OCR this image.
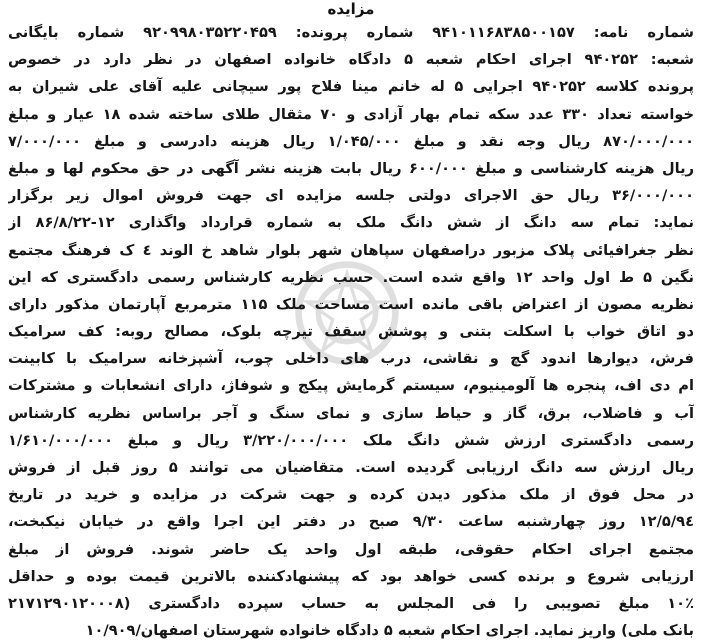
مزایده
شماره نامه: ۹۴۱۰۱۱۶۸۳۸۵۰۰۱۵۷ شماره پرونده: ۹۲۰۹۹۸۰۳۵۲۲۰۴۵۹ شماره بایگانی
شعبه: ۹۴۰۲۵۲ اجرای احکام شعبه ۵ دادگاه خانواده اصفهان در نظر دارد در خصوص
پرونده کلاسه ۹۴۰۲۵۲ اجرایی ۵ له خانم مینا فلاح پور سیچانی علیه آقای علی شیران به
خواسته تعداد ۳۳۰ عدد سکه تمام بهار آزادی و ۷۰ مثقال طلای ساخته شده ۱۸ عیار و مبلغ
۸۷۰/۰۰۰/۰۰۰ ریال وجه نقد و مبلغ ۱/۰۴۵/۰۰۰ ریال هزینه دادرسی و مبلغ ۷/۰۰۰/۰۰۰
ریال هزینه کارشناسی و مبلغ ۶۰۰/۰۰۰ ریال بابت هزینه نشر آگهی در حق محکوم لها و مبلغ
۳۶/۰۰۰/۰۰۰ ریال حق الاجرای دولتی جلسه مزایده ای جهت فروش اموال زیر برگزار
نماید: تمام سه دانگ از شش دانگ ملک به شماره قرارداد واگذاری ۱۲-۸۶/۸/۲۲ از
نظر جغرافیائی پلاک مزبور دراصفهان سپاهان شهر بلوار شاهد خ الوند ٤ ک فرهنگ مجتمع
نگین ۵ ط اول واحد ۱۲ واقع شده است. حسب نظریه کارشناس رسمی دادگستری که این
نظریه مصون از اعتراض باقی مانده است مساحت ملک ۱۱۵ مترمربع آپارتمان مذکور دارای
دو اتاق خواب با اسکلت بتنی و پوشش سقف تیرچه بلوک، مصالح روبه: کف سرامیک
فرش، دیوارها اندود گچ و نقاشی، درب های داخلی چوب، آشپزخانه سرامیک با کابینت
ام دی اف، پنجره ها آلومینیوم، سیستم گرمایش پیکج و شوفاژ، دارای انشعابات و مشترکات
آب و فاضلاب، برق، گاز و حیاط سازی و نمای سنگ و آجر براساس نظریه کارشناس
رسمی دادگستری ارزش شش دانگ ملک ۳/۲۲۰/۰۰۰/۰۰۰ ریال و مبلغ ۱/۶۱۰/۰۰۰/۰۰۰
ریال ارزش سه دانگ ارزیابی گردیده است. متقاضیان می توانند ۵ روز قبل از فروش
در محل فوق از ملک مذکور دیدن کرده و جهت شرکت در مزایده و خرید در تاریخ
۹٤/۱۲/۵ روز چهارشنبه ساعت ۹/۳۰ صبح در دفتر این اجرا واقع در خیابان نیکبخت،
مجتمع اجرای احکام حقوقی، طبقه اول واحد یک حاضر شوند. فروش از مبلغ
ارزیابی شروع و برنده کسی خواهد بود که پیشنهادکننده بالاترین قیمت بوده و حداقل
۱۰٪ مبلغ تصویبی را فی المجلس به حساب سپرده دادگستری (۲۱۷۱۲۹۰۱۲۰۰۰۸
بانک ملی) واریز نماید. اجرای احکام شعبه ۵ دادگاه خانواده شهرستان اصفهان/۱۰/۹۰۹
